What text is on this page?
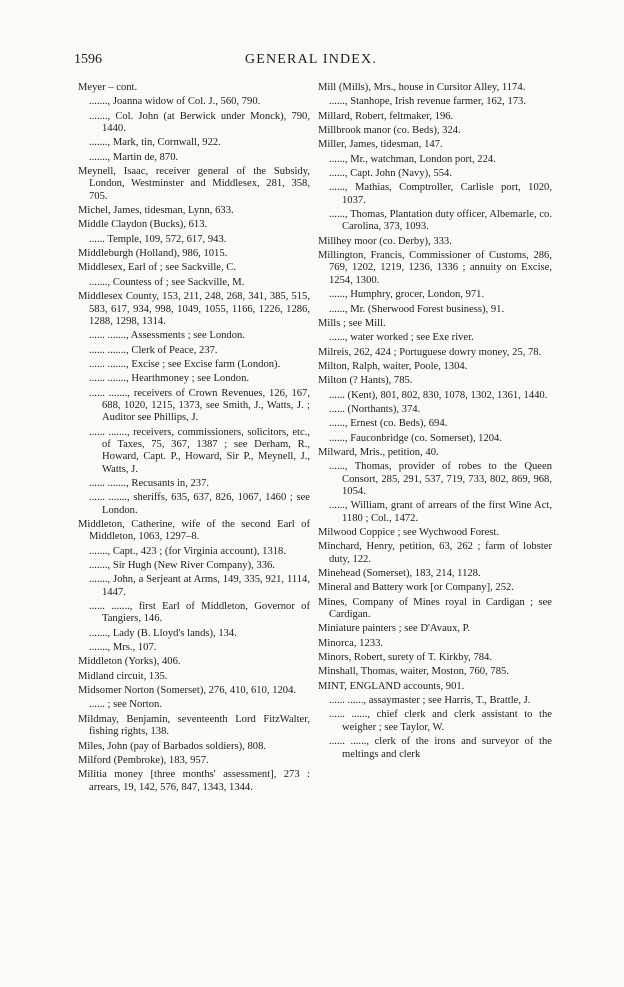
1596	GENERAL INDEX.
Meyer – cont.
......., Joanna widow of Col. J., 560, 790.
......., Col. John (at Berwick under Monck), 790, 1440.
......., Mark, tin, Cornwall, 922.
......., Martin de, 870.
Meynell, Isaac, receiver general of the Subsidy, London, Westminster and Middlesex, 281, 358, 705.
Michel, James, tidesman, Lynn, 633.
Middle Claydon (Bucks), 613.
...... Temple, 109, 572, 617, 943.
Middleburgh (Holland), 986, 1015.
Middlesex, Earl of ; see Sackville, C.
......., Countess of ; see Sackville, M.
Middlesex County, 153, 211, 248, 268, 341, 385, 515, 583, 617, 934, 998, 1049, 1055, 1166, 1226, 1286, 1288, 1298, 1314.
...... ......., Assessments ; see London.
...... ......., Clerk of Peace, 237.
...... ......., Excise ; see Excise farm (London).
...... ......., Hearthmoney ; see London.
...... ......., receivers of Crown Revenues, 126, 167, 688, 1020, 1215, 1373, see Smith, J., Watts, J. ; Auditor see Phillips, J.
...... ......., receivers, commissioners, solicitors, etc., of Taxes, 75, 367, 1387 ; see Derham, R., Howard, Capt. P., Howard, Sir P., Meynell, J., Watts, J.
...... ......., Recusants in, 237.
...... ......., sheriffs, 635, 637, 826, 1067, 1460 ; see London.
Middleton, Catherine, wife of the second Earl of Middleton, 1063, 1297–8.
......., Capt., 423 ; (for Virginia account), 1318.
......., Sir Hugh (New River Company), 336.
......., John, a Serjeant at Arms, 149, 335, 921, 1114, 1447.
...... ......., first Earl of Middleton, Governor of Tangiers, 146.
......., Lady (B. Lloyd's lands), 134.
......., Mrs., 107.
Middleton (Yorks), 406.
Midland circuit, 135.
Midsomer Norton (Somerset), 276, 410, 610, 1204.
...... ; see Norton.
Mildmay, Benjamin, seventeenth Lord FitzWalter, fishing rights, 138.
Miles, John (pay of Barbados soldiers), 808.
Milford (Pembroke), 183, 957.
Militia money [three months' assessment], 273 : arrears, 19, 142, 576, 847, 1343, 1344.
Mill (Mills), Mrs., house in Cursitor Alley, 1174.
......, Stanhope, Irish revenue farmer, 162, 173.
Millard, Robert, feltmaker, 196.
Millbrook manor (co. Beds), 324.
Miller, James, tidesman, 147.
......, Mr., watchman, London port, 224.
......, Capt. John (Navy), 554.
......, Mathias, Comptroller, Carlisle port, 1020, 1037.
......, Thomas, Plantation duty officer, Albemarle, co. Carolina, 373, 1093.
Millhey moor (co. Derby), 333.
Millington, Francis, Commissioner of Customs, 286, 769, 1202, 1219, 1236, 1336 ; annuity on Excise, 1254, 1300.
......, Humphry, grocer, London, 971.
......, Mr. (Sherwood Forest business), 91.
Mills ; see Mill.
......, water worked ; see Exe river.
Milreis, 262, 424 ; Portuguese dowry money, 25, 78.
Milton, Ralph, waiter, Poole, 1304.
Milton (? Hants), 785.
...... (Kent), 801, 802, 830, 1078, 1302, 1361, 1440.
...... (Northants), 374.
......, Ernest (co. Beds), 694.
......, Fauconbridge (co. Somerset), 1204.
Milward, Mris., petition, 40.
......, Thomas, provider of robes to the Queen Consort, 285, 291, 537, 719, 733, 802, 869, 968, 1054.
......, William, grant of arrears of the first Wine Act, 1180 ; Col., 1472.
Milwood Coppice ; see Wychwood Forest.
Minchard, Henry, petition, 63, 262 ; farm of lobster duty, 122.
Minehead (Somerset), 183, 214, 1128.
Mineral and Battery work [or Company], 252.
Mines, Company of Mines royal in Cardigan ; see Cardigan.
Miniature painters ; see D'Avaux, P.
Minorca, 1233.
Minors, Robert, surety of T. Kirkby, 784.
Minshall, Thomas, waiter, Moston, 760, 785.
MINT, ENGLAND accounts, 901.
...... ......, assaymaster ; see Harris, T., Brattle, J.
...... ......, chief clerk and clerk assistant to the weigher ; see Taylor, W.
...... ......, clerk of the irons and surveyor of the meltings and clerk
